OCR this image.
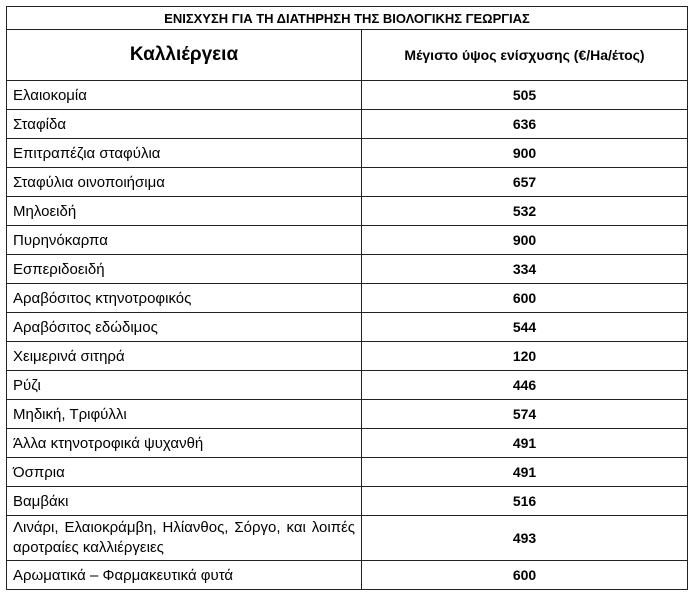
ΕΝΙΣΧΥΣΗ ΓΙΑ ΤΗ ΔΙΑΤΗΡΗΣΗ ΤΗΣ ΒΙΟΛΟΓΙΚΗΣ ΓΕΩΡΓΙΑΣ	
Καλλιέργεια	Μέγιστο ύψος ενίσχυσης (€/Ha/έτος)
Ελαιοκομία	505
Σταφίδα	636
Επιτραπέζια σταφύλια	900
Σταφύλια οινοποιήσιμα	657
Μηλοειδή	532
Πυρηνόκαρπα	900
Εσπεριδοειδή	334
Αραβόσιτος κτηνοτροφικός	600
Αραβόσιτος εδώδιμος	544
Χειμερινά σιτηρά	120
Ρύζι	446
Μηδική, Τριφύλλι	574
Άλλα κτηνοτροφικά ψυχανθή	491
Όσπρια	491
Βαμβάκι	516
Λινάρι, Ελαιοκράμβη, Ηλίανθος, Σόργο, και λοιπές αροτραίες καλλιέργειες	493
Αρωματικά – Φαρμακευτικά φυτά	600
